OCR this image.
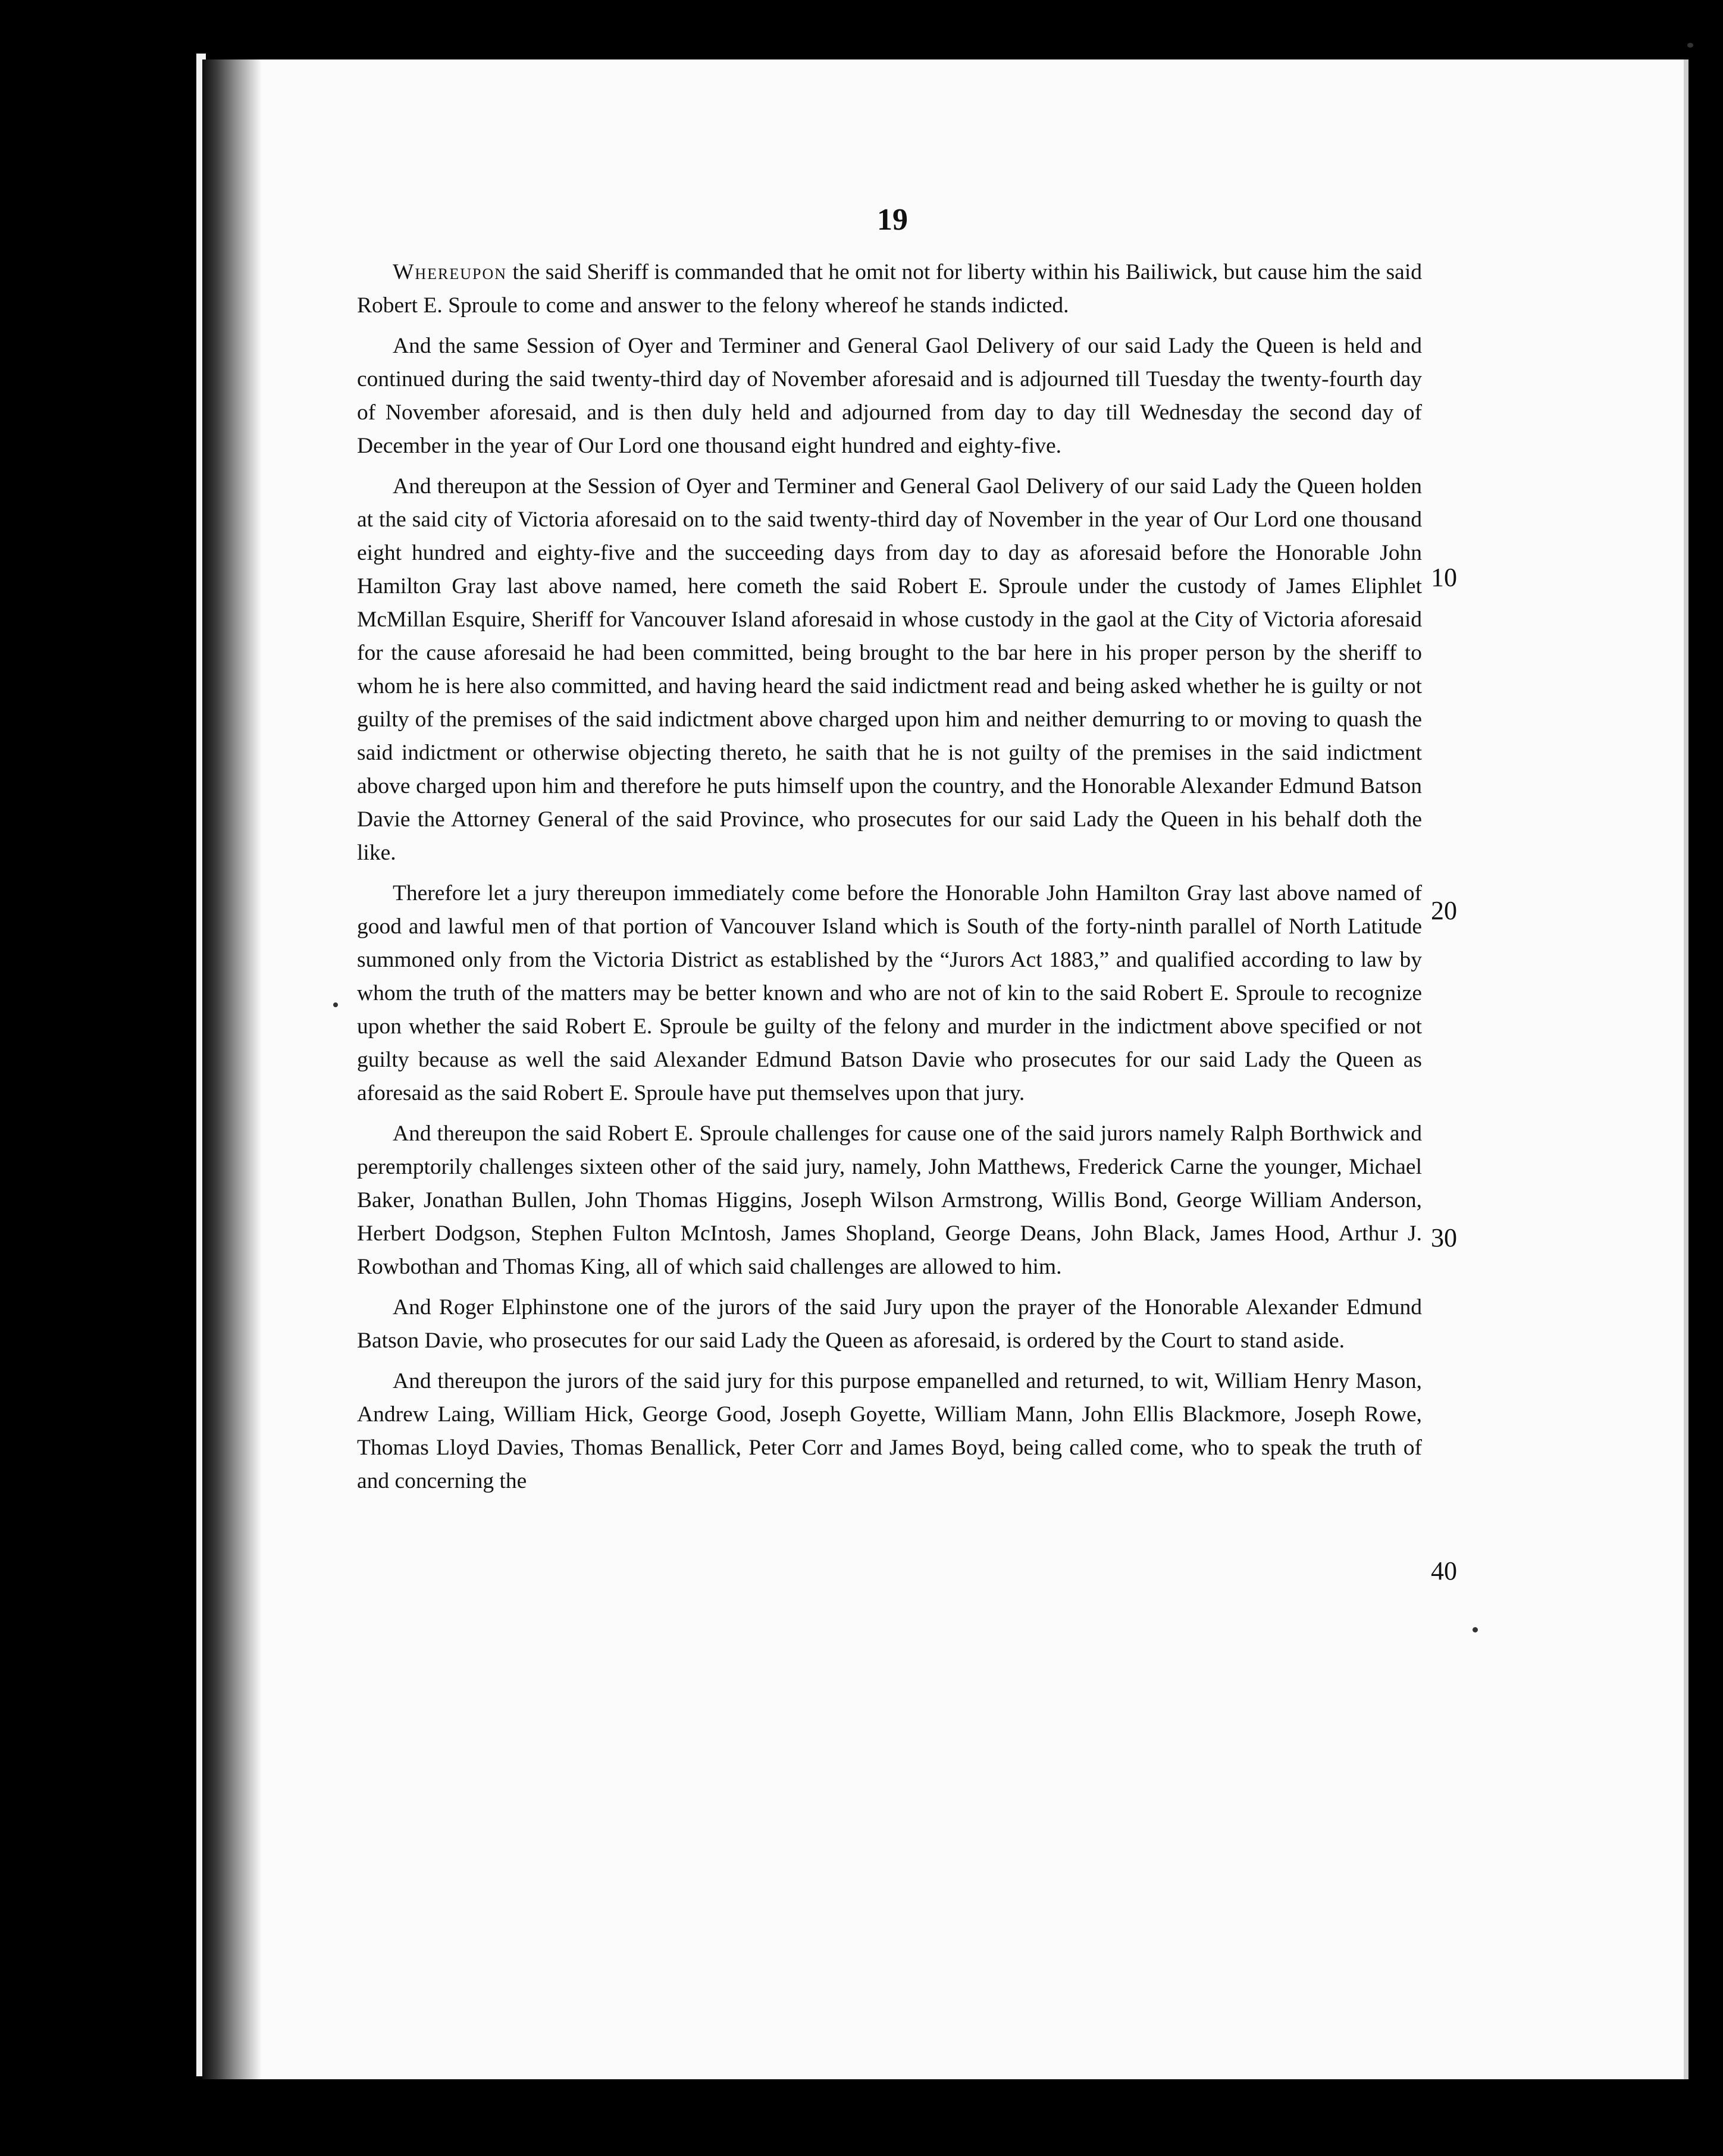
19

Whereupon the said Sheriff is commanded that he omit not for liberty within his Bailiwick, but cause him the said Robert E. Sproule to come and answer to the felony whereof he stands indicted.

And the same Session of Oyer and Terminer and General Gaol Delivery of our said Lady the Queen is held and continued during the said twenty-third day of November aforesaid and is adjourned till Tuesday the twenty-fourth day of November aforesaid, and is then duly held and adjourned from day to day till Wednesday the second day of December in the year of Our Lord one thousand eight hundred and eighty-five.

And thereupon at the Session of Oyer and Terminer and General Gaol Delivery of our said Lady the Queen holden at the said city of Victoria aforesaid on to the said twenty-third day of November in the year of Our Lord one thousand eight hundred and eighty-five and the succeeding days from day to day as aforesaid before the Honorable John Hamilton Gray last above named, here cometh the said Robert E. Sproule under the custody of James Eliphlet McMillan Esquire, Sheriff for Vancouver Island aforesaid in whose custody in the gaol at the City of Victoria aforesaid for the cause aforesaid he had been committed, being brought to the bar here in his proper person by the sheriff to whom he is here also committed, and having heard the said indictment read and being asked whether he is guilty or not guilty of the premises of the said indictment above charged upon him and neither demurring to or moving to quash the said indictment or otherwise objecting thereto, he saith that he is not guilty of the premises in the said indictment above charged upon him and therefore he puts himself upon the country, and the Honorable Alexander Edmund Batson Davie the Attorney General of the said Province, who prosecutes for our said Lady the Queen in his behalf doth the like.

Therefore let a jury thereupon immediately come before the Honorable John Hamilton Gray last above named of good and lawful men of that portion of Vancouver Island which is South of the forty-ninth parallel of North Latitude summoned only from the Victoria District as established by the “Jurors Act 1883,” and qualified according to law by whom the truth of the matters may be better known and who are not of kin to the said Robert E. Sproule to recognize upon whether the said Robert E. Sproule be guilty of the felony and murder in the indictment above specified or not guilty because as well the said Alexander Edmund Batson Davie who prosecutes for our said Lady the Queen as aforesaid as the said Robert E. Sproule have put themselves upon that jury.

And thereupon the said Robert E. Sproule challenges for cause one of the said jurors namely Ralph Borthwick and peremptorily challenges sixteen other of the said jury, namely, John Matthews, Frederick Carne the younger, Michael Baker, Jonathan Bullen, John Thomas Higgins, Joseph Wilson Armstrong, Willis Bond, George William Anderson, Herbert Dodgson, Stephen Fulton McIntosh, James Shopland, George Deans, John Black, James Hood, Arthur J. Rowbothan and Thomas King, all of which said challenges are allowed to him.

And Roger Elphinstone one of the jurors of the said Jury upon the prayer of the Honorable Alexander Edmund Batson Davie, who prosecutes for our said Lady the Queen as aforesaid, is ordered by the Court to stand aside.

And thereupon the jurors of the said jury for this purpose empanelled and returned, to wit, William Henry Mason, Andrew Laing, William Hick, George Good, Joseph Goyette, William Mann, John Ellis Blackmore, Joseph Rowe, Thomas Lloyd Davies, Thomas Benallick, Peter Corr and James Boyd, being called come, who to speak the truth of and concerning the

10
20
30
40
